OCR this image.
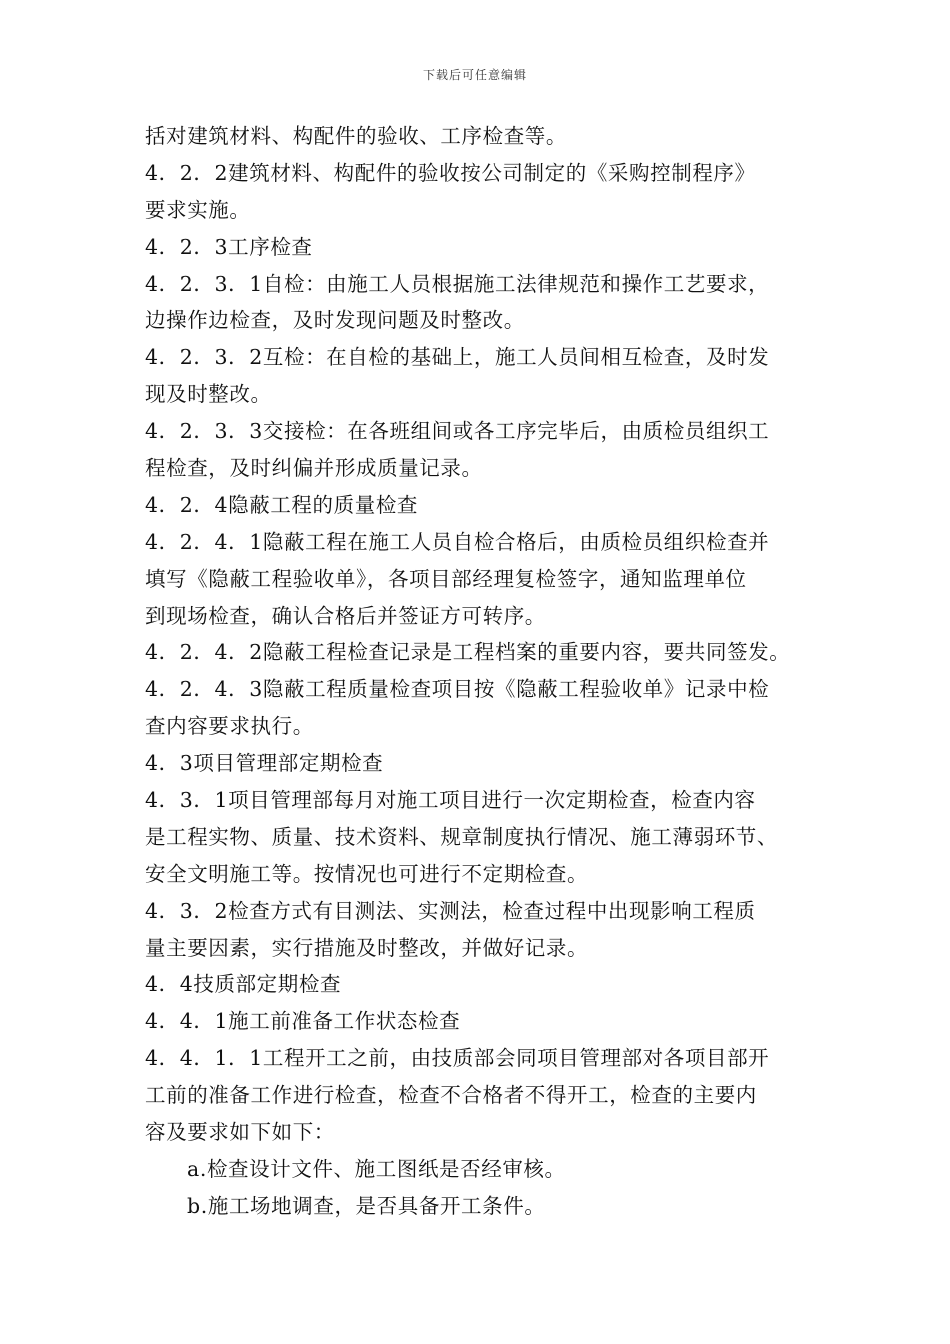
下载后可任意编辑
括对建筑材料、构配件的验收、工序检查等。
4．2．2建筑材料、构配件的验收按公司制定的《采购控制程序》
要求实施。
4．2．3工序检查
4．2．3．1自检：由施工人员根据施工法律规范和操作工艺要求，
边操作边检查，及时发现问题及时整改。
4．2．3．2互检：在自检的基础上，施工人员间相互检查，及时发
现及时整改。
4．2．3．3交接检：在各班组间或各工序完毕后，由质检员组织工
程检查，及时纠偏并形成质量记录。
4．2．4隐蔽工程的质量检查
4．2．4．1隐蔽工程在施工人员自检合格后，由质检员组织检查并
填写《隐蔽工程验收单》，各项目部经理复检签字，通知监理单位
到现场检查，确认合格后并签证方可转序。
4．2．4．2隐蔽工程检查记录是工程档案的重要内容，要共同签发。
4．2．4．3隐蔽工程质量检查项目按《隐蔽工程验收单》记录中检
查内容要求执行。
4．3项目管理部定期检查
4．3．1项目管理部每月对施工项目进行一次定期检查，检查内容
是工程实物、质量、技术资料、规章制度执行情况、施工薄弱环节、
安全文明施工等。按情况也可进行不定期检查。
4．3．2检查方式有目测法、实测法，检查过程中出现影响工程质
量主要因素，实行措施及时整改，并做好记录。
4．4技质部定期检查
4．4．1施工前准备工作状态检查
4．4．1．1工程开工之前，由技质部会同项目管理部对各项目部开
工前的准备工作进行检查，检查不合格者不得开工，检查的主要内
容及要求如下如下：
a.检查设计文件、施工图纸是否经审核。
b.施工场地调查，是否具备开工条件。
